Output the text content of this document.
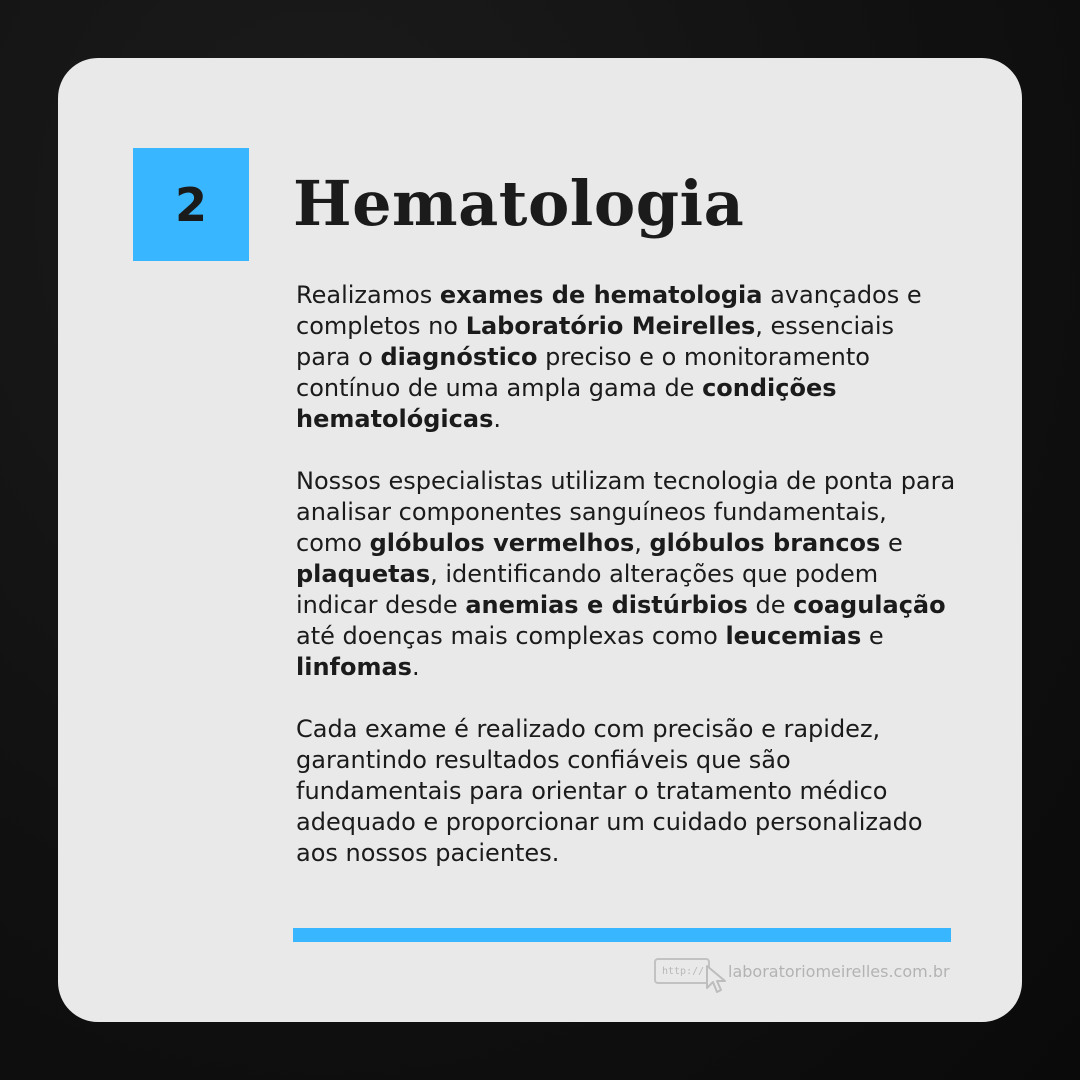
2 Hematologia

Realizamos exames de hematologia avançados e completos no Laboratório Meirelles, essenciais para o diagnóstico preciso e o monitoramento contínuo de uma ampla gama de condições hematológicas.

Nossos especialistas utilizam tecnologia de ponta para analisar componentes sanguíneos fundamentais, como glóbulos vermelhos, glóbulos brancos e plaquetas, identificando alterações que podem indicar desde anemias e distúrbios de coagulação até doenças mais complexas como leucemias e linfomas.

Cada exame é realizado com precisão e rapidez, garantindo resultados confiáveis que são fundamentais para orientar o tratamento médico adequado e proporcionar um cuidado personalizado aos nossos pacientes.

http:// laboratoriomeirelles.com.br
